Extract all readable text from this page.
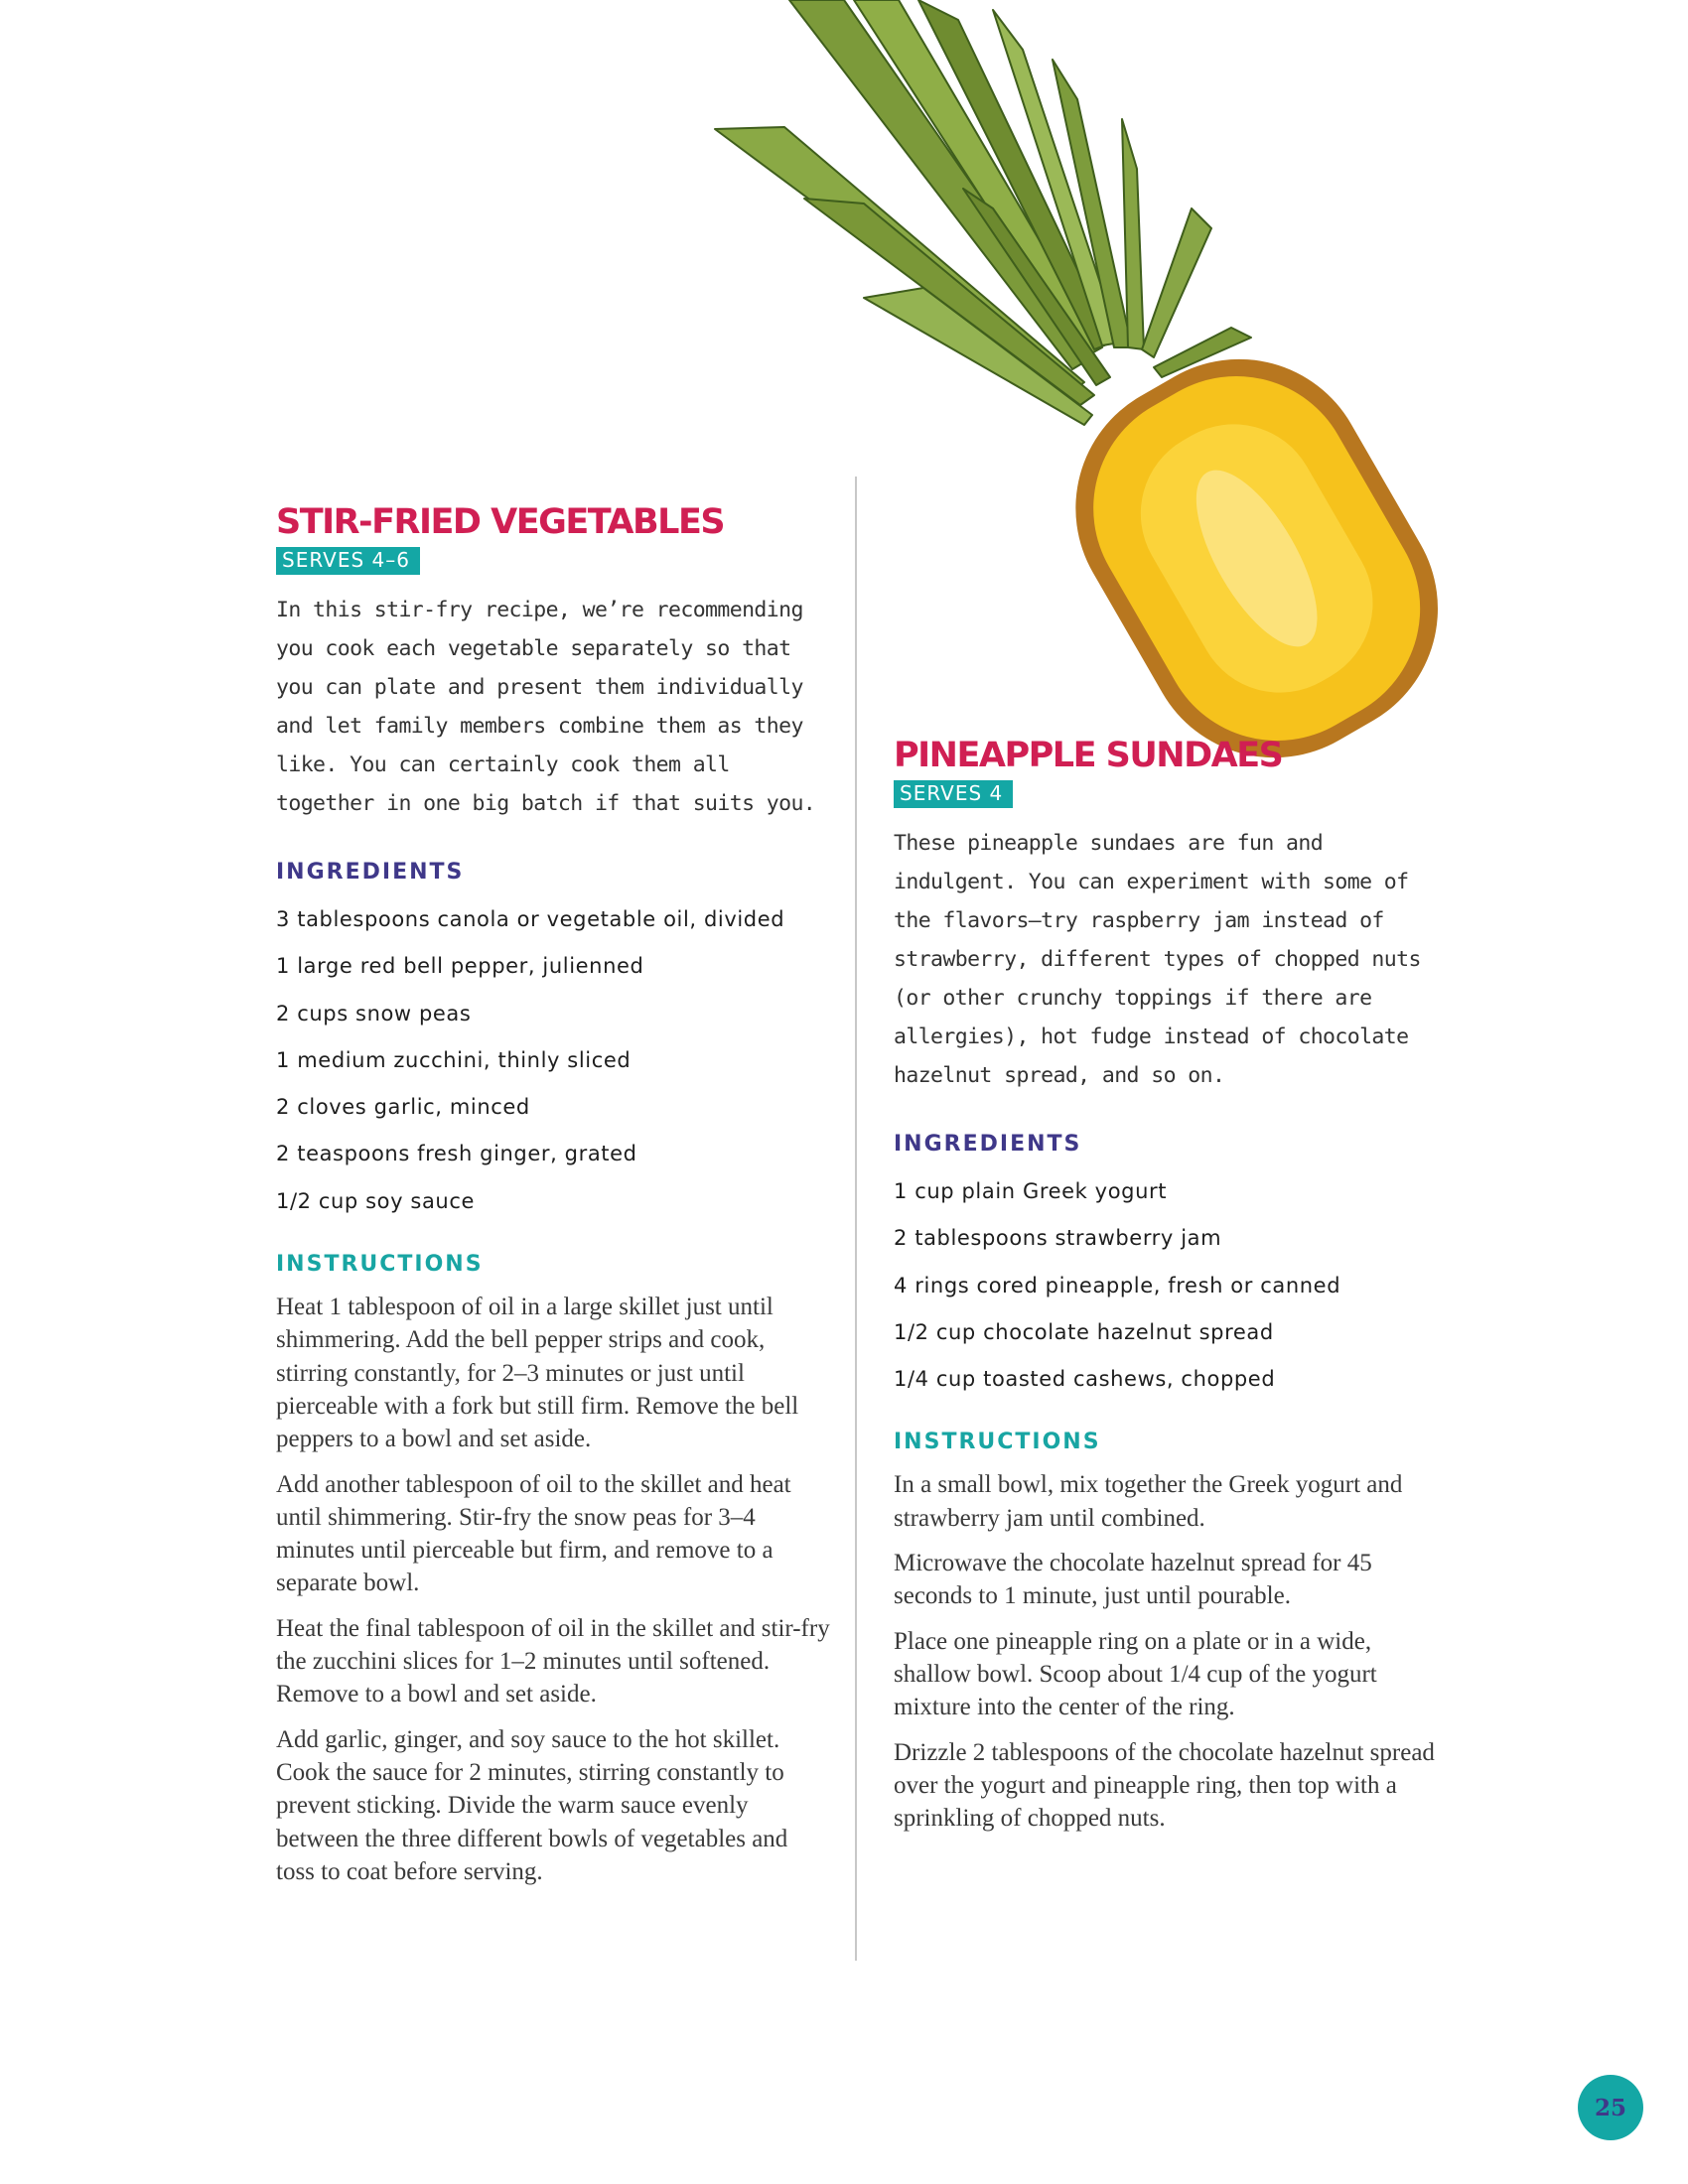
STIR-FRIED VEGETABLES
SERVES 4–6

In this stir-fry recipe, we’re recommending you cook each vegetable separately so that you can plate and present them individually and let family members combine them as they like. You can certainly cook them all together in one big batch if that suits you.

INGREDIENTS
3 tablespoons canola or vegetable oil, divided
1 large red bell pepper, julienned
2 cups snow peas
1 medium zucchini, thinly sliced
2 cloves garlic, minced
2 teaspoons fresh ginger, grated
1/2 cup soy sauce
INSTRUCTIONS

Heat 1 tablespoon of oil in a large skillet just until shimmering. Add the bell pepper strips and cook, stirring constantly, for 2–3 minutes or just until pierceable with a fork but still firm. Remove the bell peppers to a bowl and set aside.

Add another tablespoon of oil to the skillet and heat until shimmering. Stir-fry the snow peas for 3–4 minutes until pierceable but firm, and remove to a separate bowl.

Heat the final tablespoon of oil in the skillet and stir-fry the zucchini slices for 1–2 minutes until softened. Remove to a bowl and set aside.

Add garlic, ginger, and soy sauce to the hot skillet. Cook the sauce for 2 minutes, stirring constantly to prevent sticking. Divide the warm sauce evenly between the three different bowls of vegetables and toss to coat before serving.

PINEAPPLE SUNDAES
SERVES 4

These pineapple sundaes are fun and indulgent. You can experiment with some of the flavors—try raspberry jam instead of strawberry, different types of chopped nuts (or other crunchy toppings if there are allergies), hot fudge instead of chocolate hazelnut spread, and so on.

INGREDIENTS
1 cup plain Greek yogurt
2 tablespoons strawberry jam
4 rings cored pineapple, fresh or canned
1/2 cup chocolate hazelnut spread
1/4 cup toasted cashews, chopped
INSTRUCTIONS

In a small bowl, mix together the Greek yogurt and strawberry jam until combined.

Microwave the chocolate hazelnut spread for 45 seconds to 1 minute, just until pourable.

Place one pineapple ring on a plate or in a wide, shallow bowl. Scoop about 1/4 cup of the yogurt mixture into the center of the ring.

Drizzle 2 tablespoons of the chocolate hazelnut spread over the yogurt and pineapple ring, then top with a sprinkling of chopped nuts.

25
